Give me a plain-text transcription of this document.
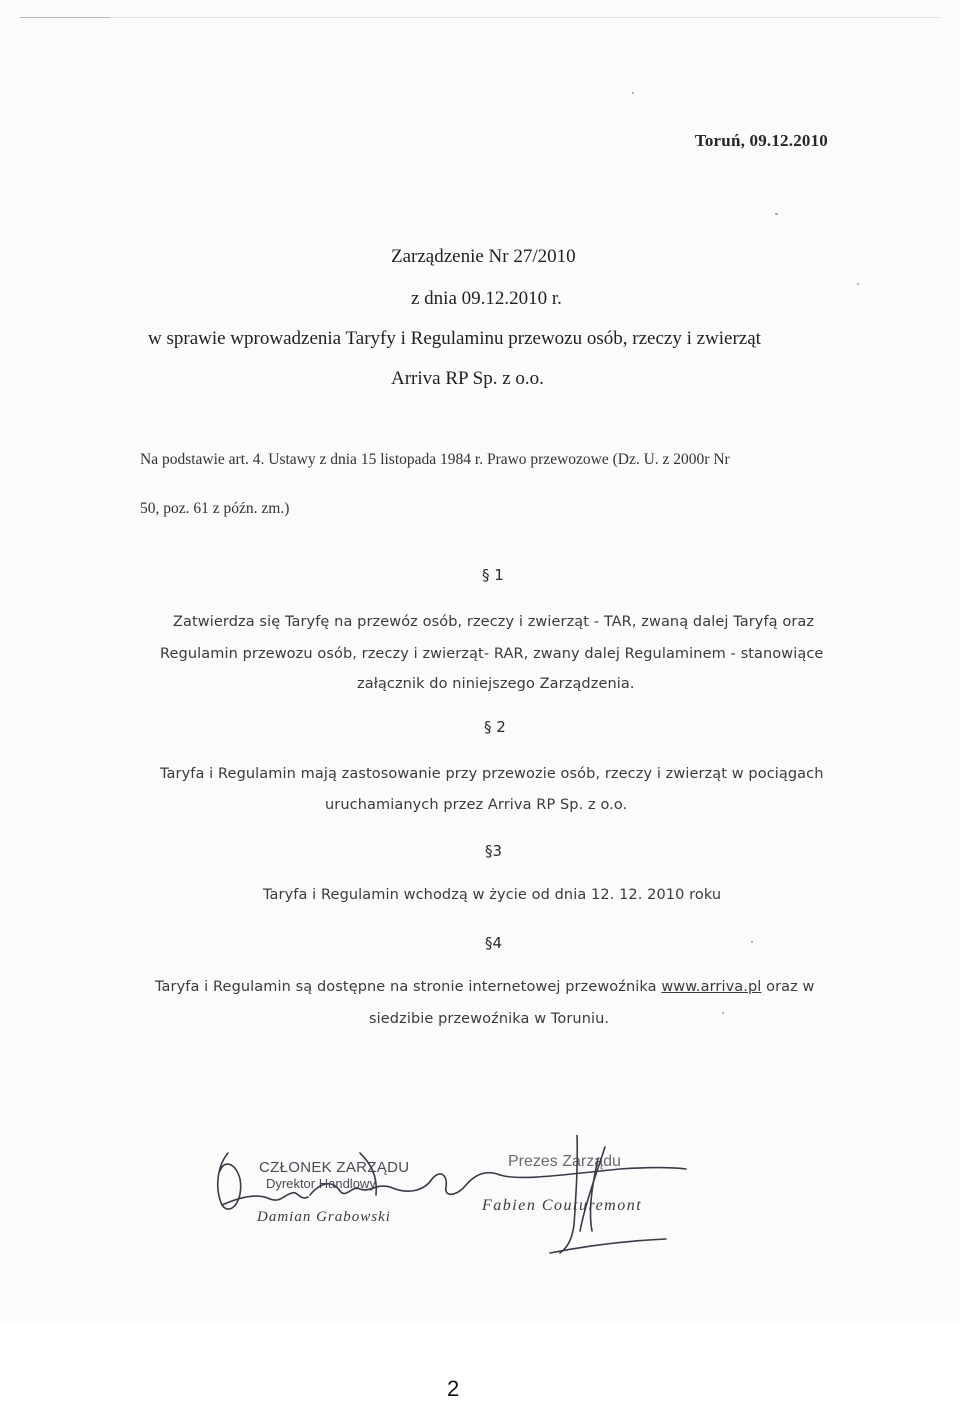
Toruń, 09.12.2010
Zarządzenie Nr 27/2010
z dnia 09.12.2010 r.
w sprawie wprowadzenia Taryfy i Regulaminu przewozu osób, rzeczy i zwierząt
Arriva RP Sp. z o.o.
Na podstawie art. 4. Ustawy z dnia 15 listopada 1984 r. Prawo przewozowe (Dz. U. z 2000r Nr
50, poz. 61 z późn. zm.)
§ 1
Zatwierdza się Taryfę na przewóz osób, rzeczy i zwierząt - TAR, zwaną dalej Taryfą oraz
Regulamin przewozu osób, rzeczy i zwierząt- RAR, zwany dalej Regulaminem - stanowiące
załącznik do niniejszego Zarządzenia.
§ 2
Taryfa i Regulamin mają zastosowanie przy przewozie osób, rzeczy i zwierząt w pociągach
uruchamianych przez Arriva RP Sp. z o.o.
§3
Taryfa i Regulamin wchodzą w życie od dnia 12. 12. 2010 roku
§4
Taryfa i Regulamin są dostępne na stronie internetowej przewoźnika www.arriva.pl oraz w
siedzibie przewoźnika w Toruniu.
CZŁONEK ZARZĄDU
Dyrektor Handlowy
Damian Grabowski
Prezes Zarządu
Fabien Couturemont
2
